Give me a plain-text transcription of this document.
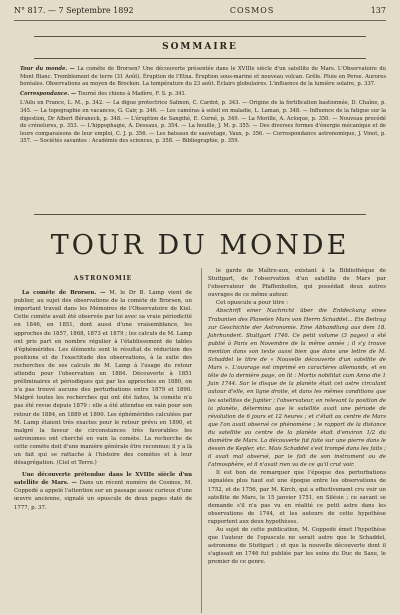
N° 817. — 7 Septembre 1892	COSMOS	137
SOMMAIRE

Tour du monde. — La comète de Brorsen? Une découverte présentée dans le XVIIIe siècle d'un satellite de Mars. L'Observatoire du Mont Blanc. Tremblement de terre (31 Août). Éruption de l'Etna. Éruption sous-marine et nouveau volcan. Grêle. Pluie en Perse. Aurores boréales. Observations au moyen de Brocken. La température du 23 août. Éclairs globulaires. L'influence de la lumière solaire, p. 337.

Correspondance. — Tourné des chiens à Madère, F. S. p. 341.

L'Ailu en France, L. M., p. 342. — La digue protectrice Salmon, C. Cardot, p. 343. — Origine de la fortification bastionnée, D. Chaîne, p. 345. — La topographie en vacances, G. Cair, p. 346. — Les caméras à soleil en maladie, L. Laman, p. 348. — Influence de la fatigue sur la digestion, Dr Albert Béraneck, p. 348. — L'éruption de Sangihé, E. Corné, p. 349. — La Morille, A. Acloque, p. 350. — Nouveau procédé de crénelures, p. 353. — L'hippophagie, A. Dessaus, p. 354. — La houille, J. M. p. 355. — Des diverses formes d'énergie mécanique et de leurs comparaisons de leur emploi, C. J. p. 356. — Les bateaux de sauvetage, Vaux, p. 356. — Correspondance astronomique, J. Vinot, p. 357. — Sociétés savantes : Académie des sciences, p. 358. — Bibliographie, p. 359.

TOUR DU MONDE
ASTRONOMIE

La comète de Brorsen. — M. le Dr B. Lamp vient de publier, au sujet des observations de la comète de Brorsen, un important travail dans les Mémoires de l'Observatoire de Kiel. Cette comète avait été observée par lui avec sa vraie périodicité en 1846, en 1851, dont aussi d'une vraisemblance, les approches de 1857, 1868, 1873 et 1879 ; les calculs de M. Lamp ont pris part en nombre régulier à l'établissement de tables d'éphémérides. Les éléments sont le résultat de réduction des positions et de l'exactitude des observations, à la suite des recherches de ses calculs de M. Lamp à l'usage du retour attendu pour l'observation en 1884. Découverte à 1851 préliminaires et périodiques qui par les approches en 1880, on n'a pas trouvé aucune des perturbations entre 1879 et 1890. Malgré toutes les recherches qui ont été faites, la comète n'a pas été revue depuis 1879 : elle a été attendue en vain pour son retour de 1884, en 1889 et 1890. Les éphémérides calculées par M. Lamp étaient très exactes pour le retour prévu en 1890, et malgré la faveur de circonstances très favorables les astronomes ont cherché en vain la comète. La recherche de cette comète doit d'une manière générale être reconnue; il y a là un fait qui se rattache à l'histoire des comètes et à leur désagrégation. (Ciel et Terre.)

Une découverte prétendue dans le XVIIIe siècle d'un satellite de Mars. — Dans un récent numéro de Cosmos, M. Coppedé a appelé l'attention sur un passage assez curieux d'une œuvre ancienne, signalé un opuscule de deux pages daté de 1777, p. 37.

le garde de Maître-aux, existant à la Bibliothèque de Stuttgart, de l'observation d'un satellite de Mars par l'observateur de Pfaffenhofen, qui possédait deux autres ouvrages de ce même auteur.

Cet opuscule a pour titre :

Abschrift einer Nachricht über die Entdeckung eines Trabanten des Planeten Mars von Herrn Schaddel... Ein Beitrag zur Geschichte der Astronomie. Eine Abhandlung aus dem 18. Jahrhundert. Stuttgart 1746. Ce petit volume (3 pages) a été publié à Paris en Novembre de la même année ; il s'y trouve mention dans son texte aussi bien que dans une lettre de M. Schaddel le titre de « Nouvelle découverte d'un satellite de Mars ». L'ouvrage est imprimé en caractères allemands, et en tête de la dernière page, on lit : Mortis nobilitat cum Anno die 1 Juin 1744. Sur le disque de la planète était cet astre circulant autour d'elle, en ligne droite, et dans les mêmes conditions que les satellites de Jupiter ; l'observateur, en relevant la position de la planète, détermina que le satellite avait une période de révolution de 6 jours et 12 heures ; et c'était au centre de Mars que l'on avait observé ce phénomène ; le rapport de la distance du satellite au centre de la planète était d'environ 1/2 du diamètre de Mars. La découverte fut faite sur une pierre dans le dessin de Kepler, etc. Mais Schaddel s'est trompé dans les faits ; il avait mal observé, par le fait de son instrument ou de l'atmosphère, et il n'avait rien vu de ce qu'il crut voir.

Il est bon de remarquer que l'époque des perturbations signalées plus haut est une époque entre les observations de 1752, et de 1756, par M. Kirch, qui a effectivement cru voir un satellite de Mars, le 15 janvier 1751, en Silésie ; ce savant se demande s'il n'a pas vu en réalité ce petit astre dans les observations de 1744, et les auteurs de cette hypothèse rapportent aux deux hypothèses.

Au sujet de cette publication, M. Coppedé émet l'hypothèse que l'auteur de l'opuscule ne serait autre que le Schaddel, astronome de Stuttgart ; et que la nouvelle découverte dont il s'agissait en 1746 fut publiée par les soins du Duc de Saxe, le premier de ce genre.
